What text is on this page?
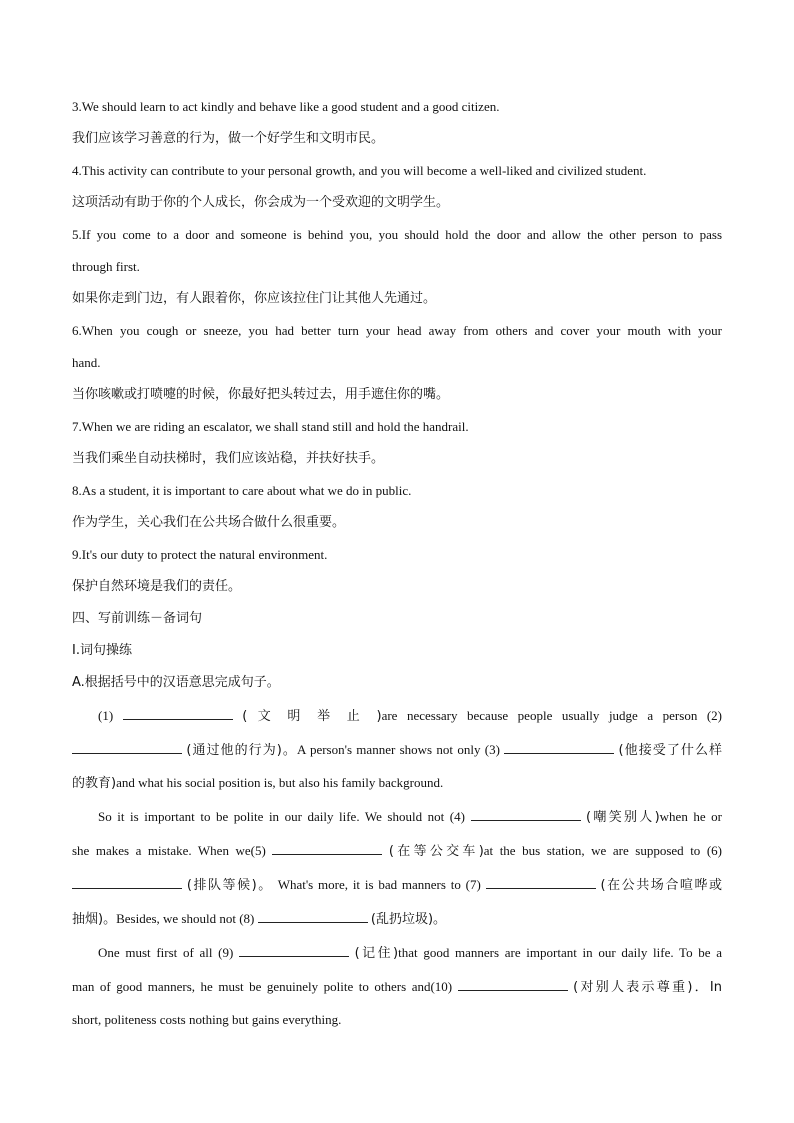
3.We should learn to act kindly and behave like a good student and a good citizen.

我们应该学习善意的行为，做一个好学生和文明市民。

4.This activity can contribute to your personal growth, and you will become a well-liked and civilized student.

这项活动有助于你的个人成长，你会成为一个受欢迎的文明学生。

5.If you come to a door and someone is behind you, you should hold the door and allow the other person to pass

through first.

如果你走到门边，有人跟着你，你应该拉住门让其他人先通过。

6.When you cough or sneeze, you had better turn your head away from others and cover your mouth with your

hand.

当你咳嗽或打喷嚏的时候，你最好把头转过去，用手遮住你的嘴。

7.When we are riding an escalator, we shall stand still and hold the handrail.

当我们乘坐自动扶梯时，我们应该站稳，并扶好扶手。

8.As a student, it is important to care about what we do in public.

作为学生，关心我们在公共场合做什么很重要。

9.It's our duty to protect the natural environment.

保护自然环境是我们的责任。

四、写前训练－备词句

I.词句操练

A.根据括号中的汉语意思完成句子。

(1)	( 文 明 举 止 )are necessary because people usually judge a person (2)

(通过他的行为)。A person's manner shows not only (3)	(他接受了什么样

的教育)and what his social position is, but also his family background.

So it is important to be polite in our daily life. We should not (4)	(嘲笑别人)when he or

she makes a mistake. When we(5)	(在等公交车)at the bus station, we are supposed to (6)

(排队等候)。 What's more, it is bad manners to (7)	(在公共场合喧哗或

抽烟)。Besides, we should not (8)	(乱扔垃圾)。

One must first of all (9)	(记住)that good manners are important in our daily life. To be a

man of good manners, he must be genuinely polite to others and(10)	(对别人表示尊重)．In

short, politeness costs nothing but gains everything.
